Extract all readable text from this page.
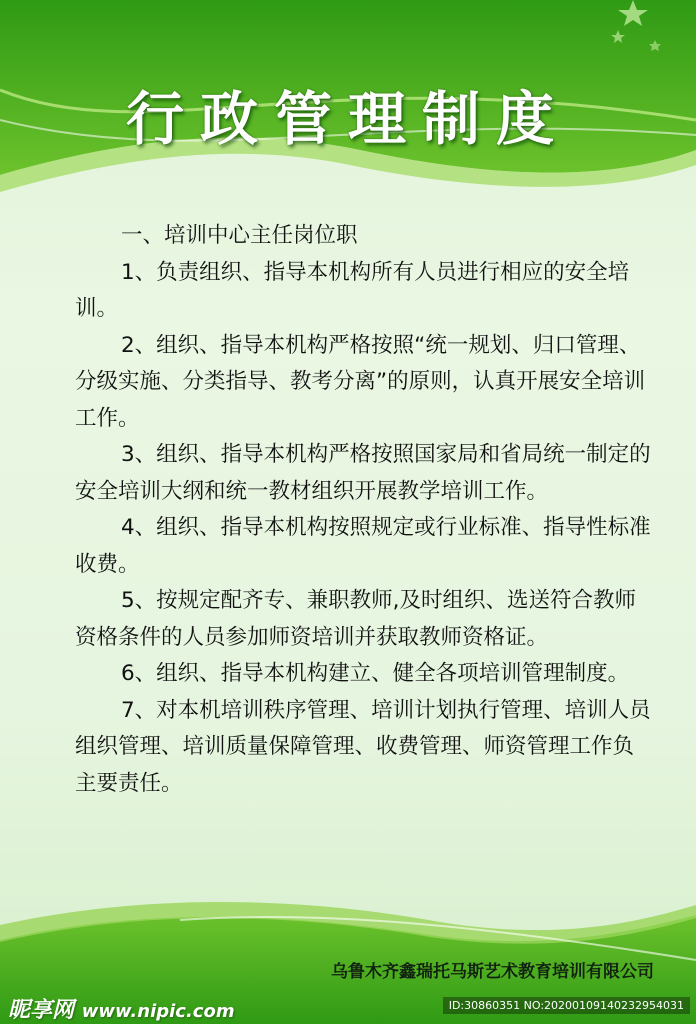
行政管理制度

一、培训中心主任岗位职

1、负责组织、指导本机构所有人员进行相应的安全培训。

2、组织、指导本机构严格按照“统一规划、归口管理、分级实施、分类指导、教考分离”的原则，认真开展安全培训工作。

3、组织、指导本机构严格按照国家局和省局统一制定的安全培训大纲和统一教材组织开展教学培训工作。

4、组织、指导本机构按照规定或行业标准、指导性标准收费。

5、按规定配齐专、兼职教师,及时组织、选送符合教师资格条件的人员参加师资培训并获取教师资格证。

6、组织、指导本机构建立、健全各项培训管理制度。

7、对本机培训秩序管理、培训计划执行管理、培训人员组织管理、培训质量保障管理、收费管理、师资管理工作负主要责任。

乌鲁木齐鑫瑞托马斯艺术教育培训有限公司
昵享网 www.nipic.com	ID:30860351 NO:20200109140232954031
